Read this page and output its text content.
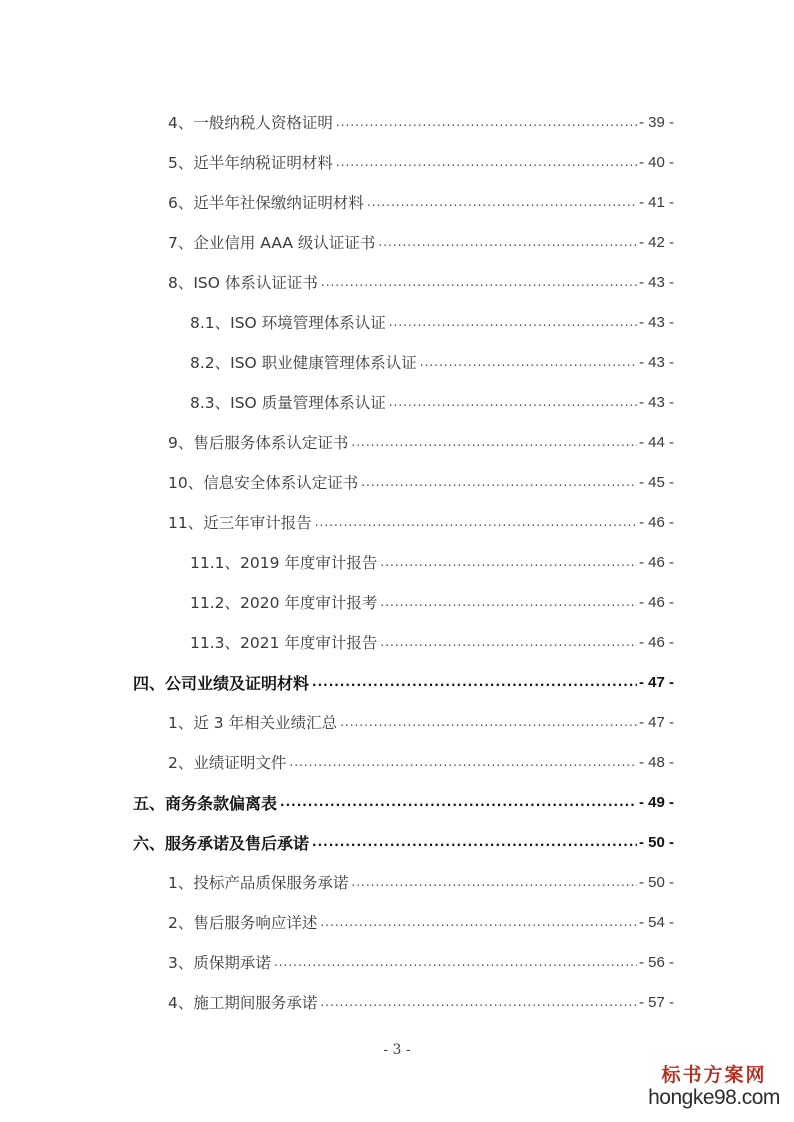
4、一般纳税人资格证明 .....	- 39 -
5、近半年纳税证明材料 .....	- 40 -
6、近半年社保缴纳证明材料 .....	- 41 -
7、企业信用 AAA 级认证证书 .....	- 42 -
8、ISO 体系认证证书 .....	- 43 -
8.1、ISO 环境管理体系认证 .....	- 43 -
8.2、ISO 职业健康管理体系认证 .....	- 43 -
8.3、ISO 质量管理体系认证 .....	- 43 -
9、售后服务体系认定证书 .....	- 44 -
10、信息安全体系认定证书 .....	- 45 -
11、近三年审计报告 .....	- 46 -
11.1、2019 年度审计报告 .....	- 46 -
11.2、2020 年度审计报考 .....	- 46 -
11.3、2021 年度审计报告 .....	- 46 -
四、公司业绩及证明材料 .....	- 47 -
1、近 3 年相关业绩汇总 .....	- 47 -
2、业绩证明文件 .....	- 48 -
五、商务条款偏离表 .....	- 49 -
六、服务承诺及售后承诺 .....	- 50 -
1、投标产品质保服务承诺 .....	- 50 -
2、售后服务响应详述 .....	- 54 -
3、质保期承诺 .....	- 56 -
4、施工期间服务承诺 .....	- 57 -
- 3 -
标书方案网
hongke98.com
